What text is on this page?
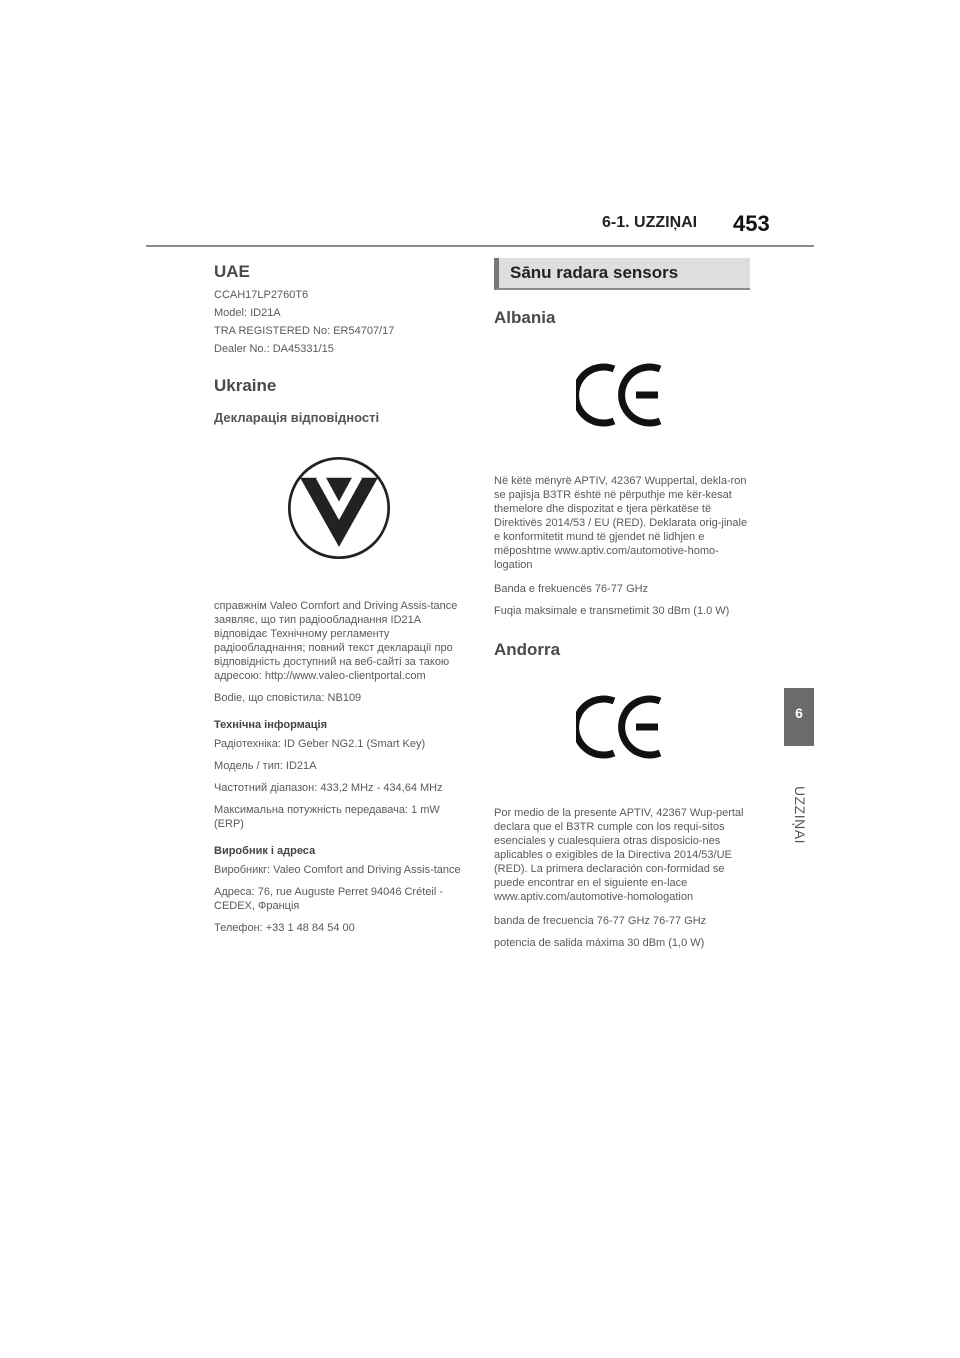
6-1. UZZIŅAI 453
6
UZZIŅAI
UAE
CCAH17LP2760T6
Model: ID21A
TRA REGISTERED No: ER54707/17
Dealer No.: DA45331/15
Ukraine
Декларація відповідності
справжнім Valeo Comfort and Driving Assis-tance заявляє, що тип радіообладнання ID21A відповідає Технічному регламенту радіообладнання; повний текст декларації про відповідність доступний на веб-сайті за такою адресою: http://www.valeo-clientportal.com
Bodie, що сповістила: NB109
Технічна інформація
Радіотехніка: ID Geber NG2.1 (Smart Key)
Модель / тип: ID21A
Частотний діапазон: 433,2 MHz - 434,64 MHz
Максимальна потужність передавача: 1 mW (ERP)
Виробник і адреса
Виробникг: Valeo Comfort and Driving Assis-tance
Адреса: 76, rue Auguste Perret 94046 Créteil - CEDEX, Франція
Телефон: +33 1 48 84 54 00
Sānu radara sensors
Albania
Në këtë mënyrë APTIV, 42367 Wuppertal, dekla-ron se pajisja B3TR është në përputhje me kër-kesat themelore dhe dispozitat e tjera përkatëse të Direktivës 2014/53 / EU (RED). Deklarata orig-jinale e konformitetit mund të gjendet në lidhjen e mëposhtme www.aptiv.com/automotive-homo-logation
Banda e frekuencës 76-77 GHz
Fuqia maksimale e transmetimit 30 dBm (1.0 W)
Andorra
Por medio de la presente APTIV, 42367 Wup-pertal declara que el B3TR cumple con los requi-sitos esenciales y cualesquiera otras disposicio-nes aplicables o exigibles de la Directiva 2014/53/UE (RED). La primera declaración con-formidad se puede encontrar en el siguiente en-lace www.aptiv.com/automotive-homologation
banda de frecuencia 76-77 GHz 76-77 GHz
potencia de salida máxima 30 dBm (1,0 W)
